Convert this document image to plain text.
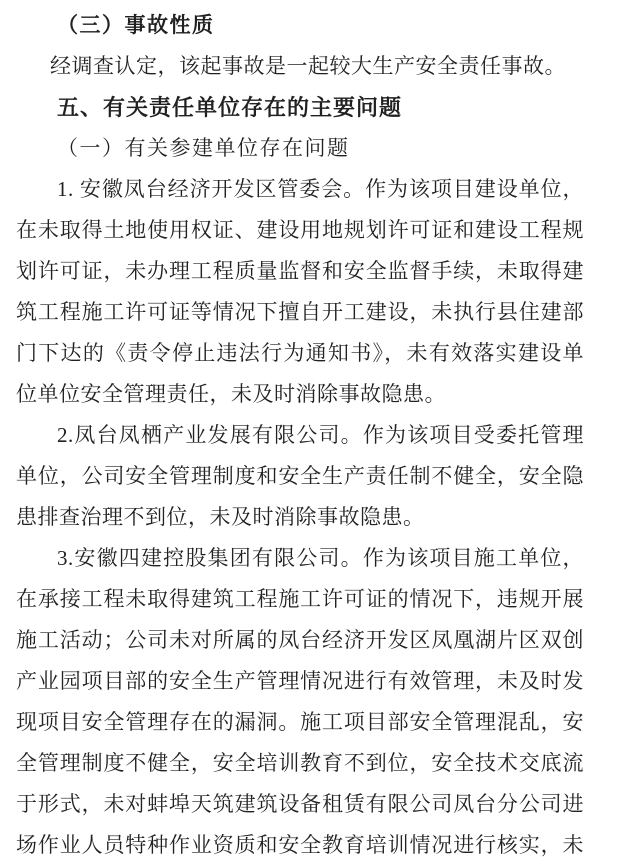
（三）事故性质
经调查认定，该起事故是一起较大生产安全责任事故。
五、有关责任单位存在的主要问题
（一）有关参建单位存在问题
1. 安徽凤台经济开发区管委会。作为该项目建设单位，
在未取得土地使用权证、建设用地规划许可证和建设工程规
划许可证，未办理工程质量监督和安全监督手续，未取得建
筑工程施工许可证等情况下擅自开工建设，未执行县住建部
门下达的《责令停止违法行为通知书》，未有效落实建设单
位单位安全管理责任，未及时消除事故隐患。
2.凤台凤栖产业发展有限公司。作为该项目受委托管理
单位，公司安全管理制度和安全生产责任制不健全，安全隐
患排查治理不到位，未及时消除事故隐患。
3.安徽四建控股集团有限公司。作为该项目施工单位，
在承接工程未取得建筑工程施工许可证的情况下，违规开展
施工活动；公司未对所属的凤台经济开发区凤凰湖片区双创
产业园项目部的安全生产管理情况进行有效管理，未及时发
现项目安全管理存在的漏洞。施工项目部安全管理混乱，安
全管理制度不健全，安全培训教育不到位，安全技术交底流
于形式，未对蚌埠天筑建筑设备租赁有限公司凤台分公司进
场作业人员特种作业资质和安全教育培训情况进行核实，未
